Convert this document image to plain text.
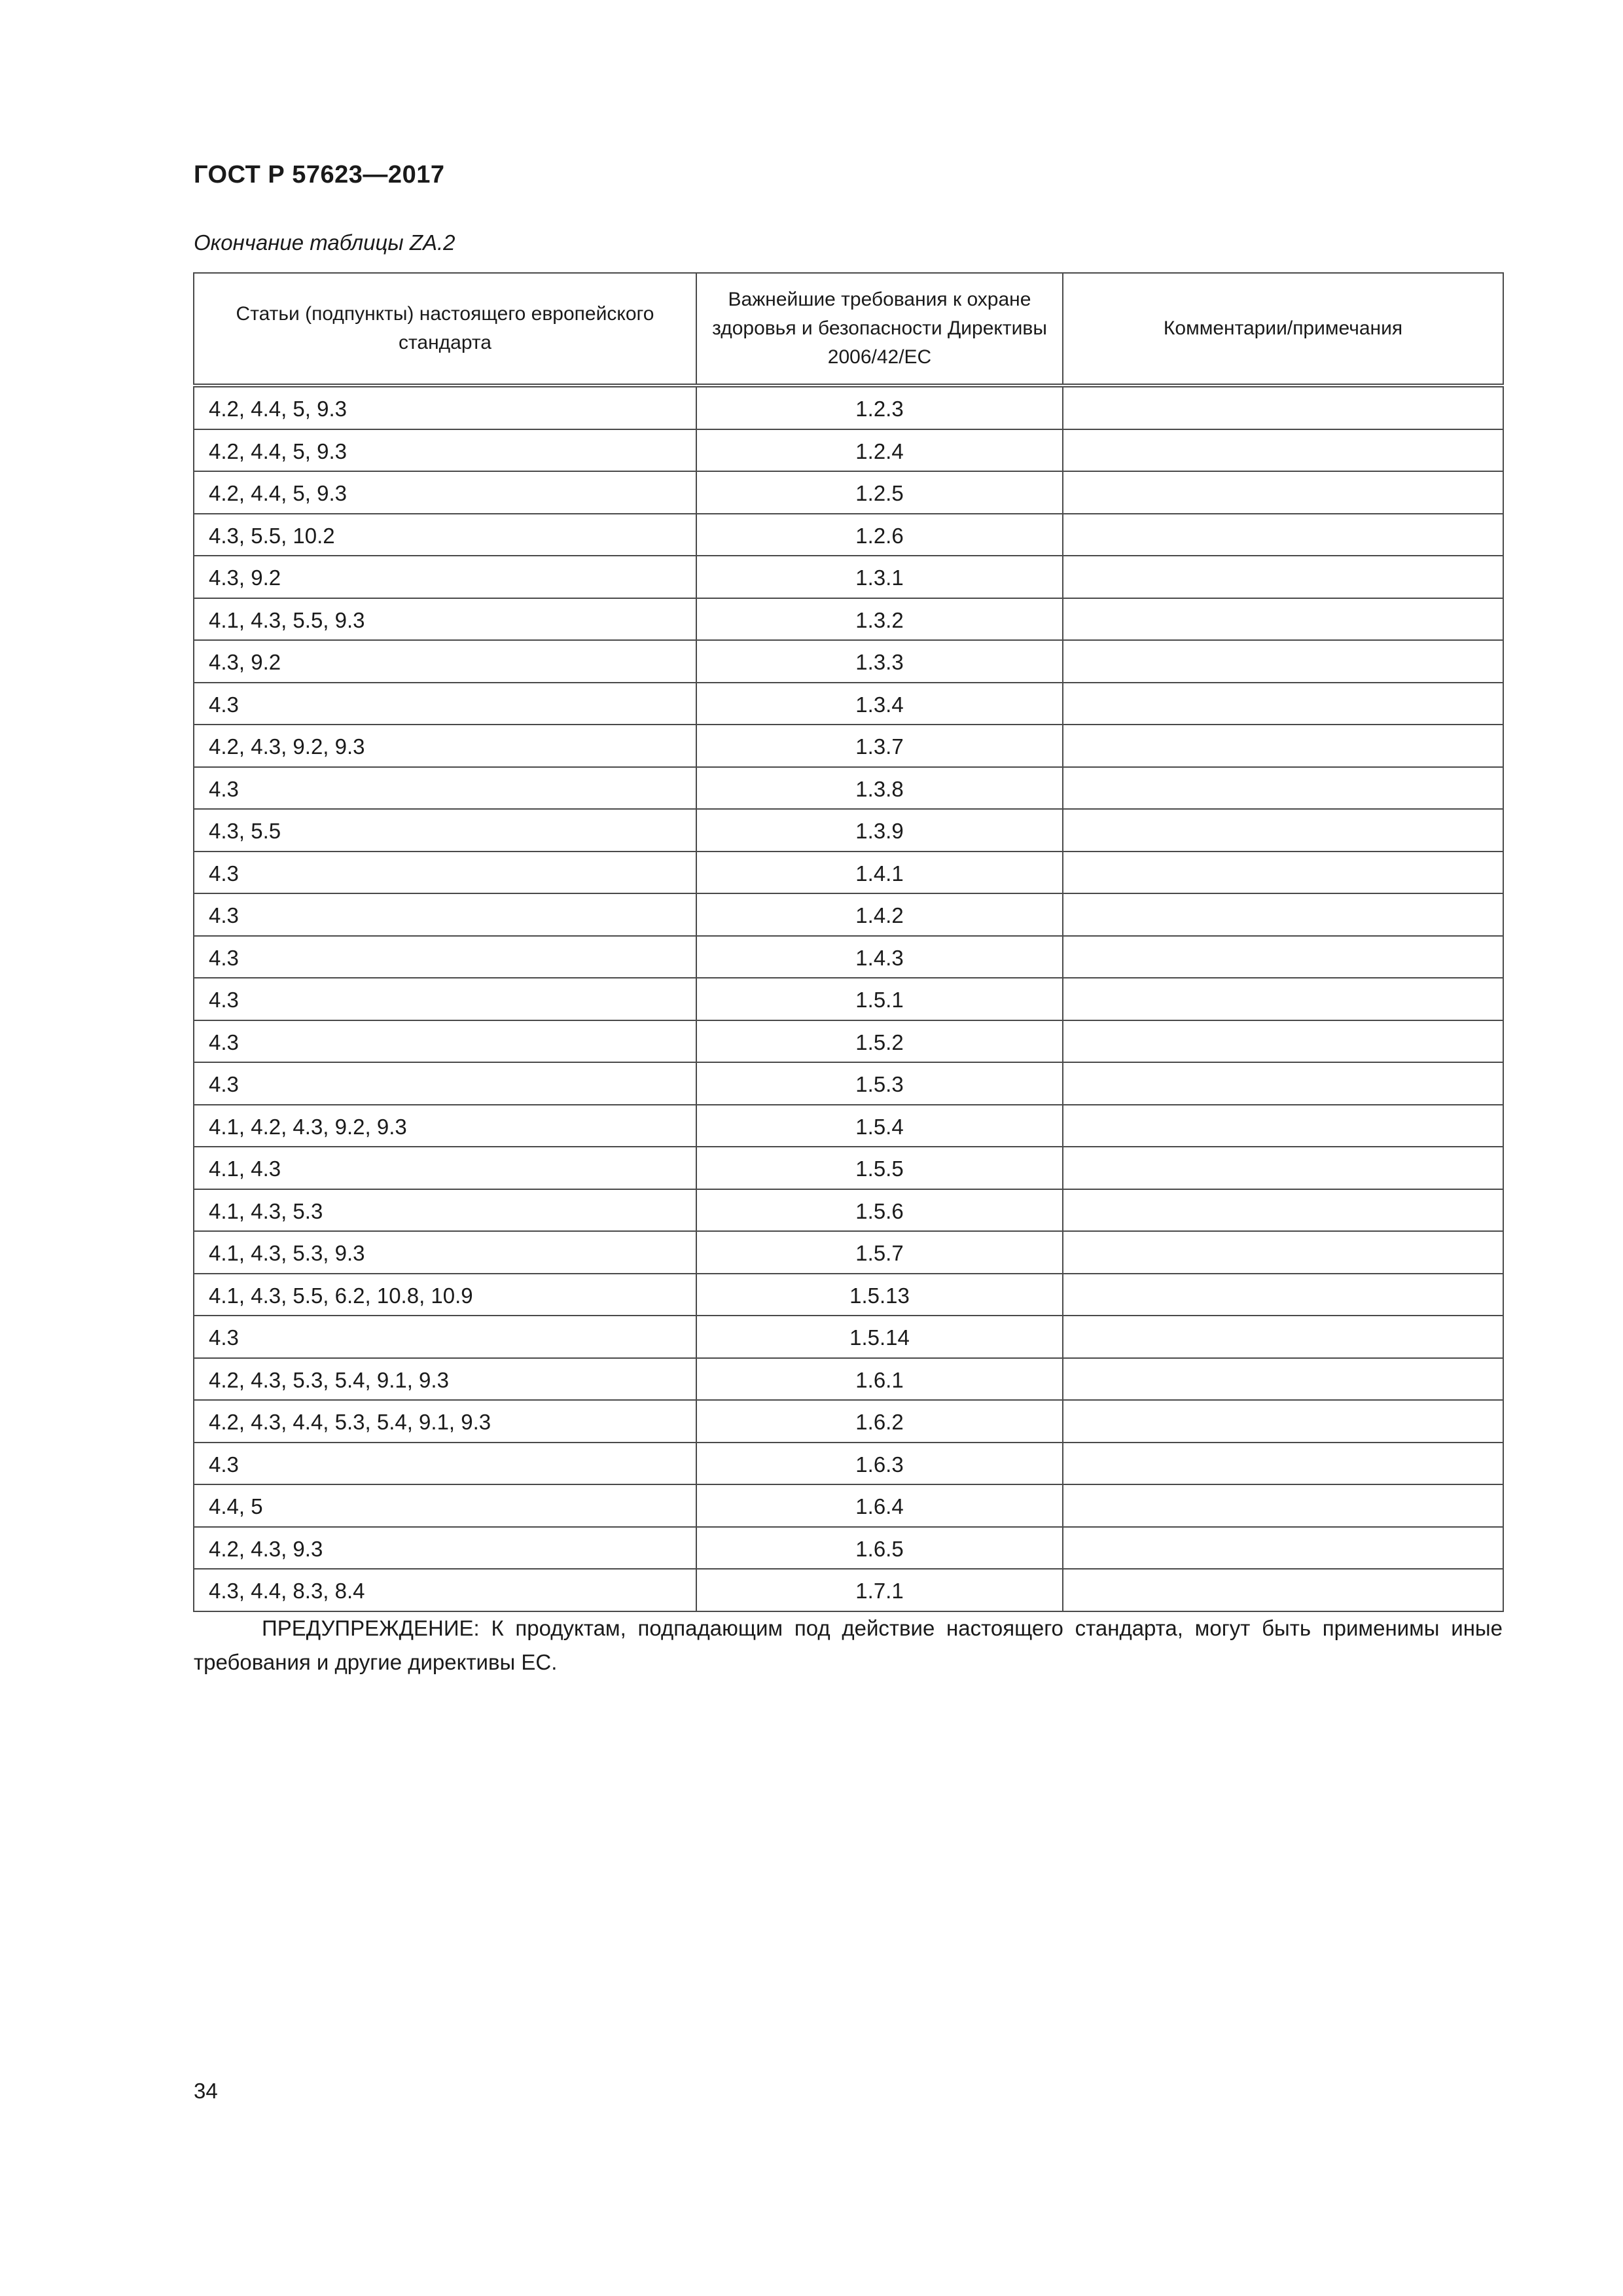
ГОСТ Р 57623—2017
Окончание таблицы ZA.2
Статьи (подпункты) настоящего европейского стандарта	Важнейшие требования к охране здоровья и безопасности Директивы 2006/42/EC	Комментарии/примечания
4.2, 4.4, 5, 9.3	1.2.3	
4.2, 4.4, 5, 9.3	1.2.4	
4.2, 4.4, 5, 9.3	1.2.5	
4.3, 5.5, 10.2	1.2.6	
4.3, 9.2	1.3.1	
4.1, 4.3, 5.5, 9.3	1.3.2	
4.3, 9.2	1.3.3	
4.3	1.3.4	
4.2, 4.3, 9.2, 9.3	1.3.7	
4.3	1.3.8	
4.3, 5.5	1.3.9	
4.3	1.4.1	
4.3	1.4.2	
4.3	1.4.3	
4.3	1.5.1	
4.3	1.5.2	
4.3	1.5.3	
4.1, 4.2, 4.3, 9.2, 9.3	1.5.4	
4.1, 4.3	1.5.5	
4.1, 4.3, 5.3	1.5.6	
4.1, 4.3, 5.3, 9.3	1.5.7	
4.1, 4.3, 5.5, 6.2, 10.8, 10.9	1.5.13	
4.3	1.5.14	
4.2, 4.3, 5.3, 5.4, 9.1, 9.3	1.6.1	
4.2, 4.3, 4.4, 5.3, 5.4, 9.1, 9.3	1.6.2	
4.3	1.6.3	
4.4, 5	1.6.4	
4.2, 4.3, 9.3	1.6.5	
4.3, 4.4, 8.3, 8.4	1.7.1	
ПРЕДУПРЕЖДЕНИЕ: К продуктам, подпадающим под действие настоящего стандарта, могут быть применимы иные требования и другие директивы ЕС.
34
